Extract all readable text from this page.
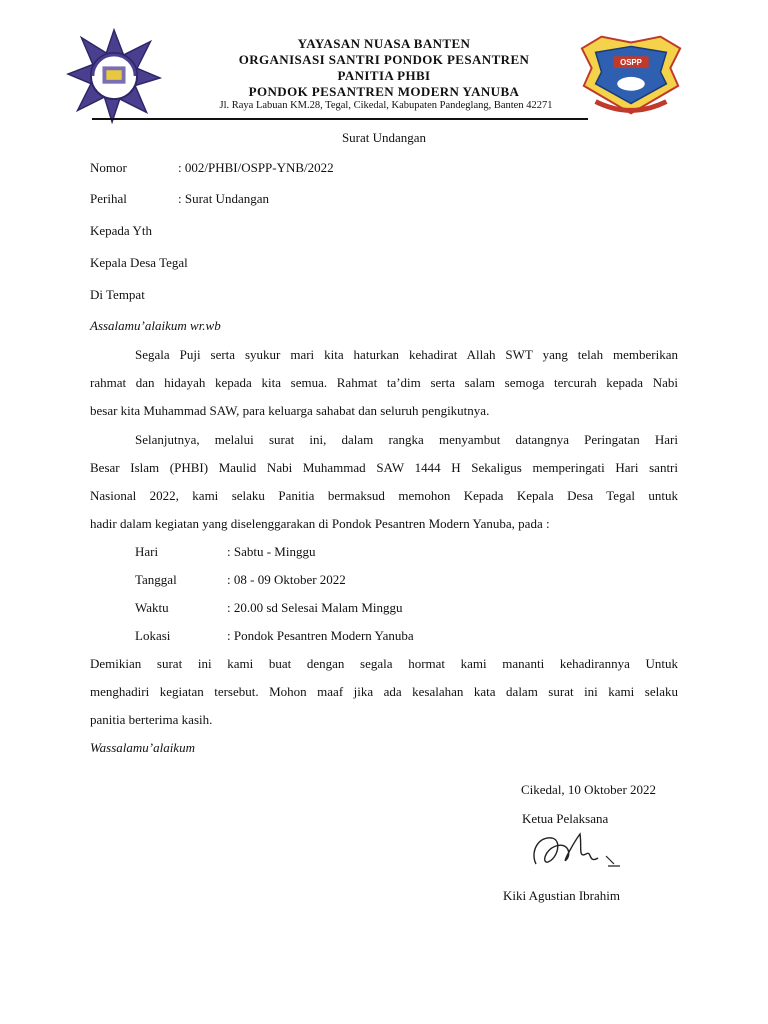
YAYASAN NUASA BANTEN
ORGANISASI SANTRI PONDOK PESANTREN
PANITIA PHBI
PONDOK PESANTREN MODERN YANUBA
Jl. Raya Labuan KM.28, Tegal, Cikedal, Kabupaten Pandeglang, Banten 42271
OSPP
Surat Undangan
Nomor	: 002/PHBI/OSPP-YNB/2022
Perihal	: Surat Undangan
Kepada Yth
Kepala Desa Tegal
Di Tempat
Assalamu’alaikum wr.wb
Segala Puji serta syukur mari kita haturkan kehadirat Allah SWT yang telah memberikan
rahmat dan hidayah kepada kita semua. Rahmat ta’dim serta salam semoga tercurah kepada Nabi
besar kita Muhammad SAW, para keluarga sahabat dan seluruh pengikutnya.
Selanjutnya, melalui surat ini, dalam rangka menyambut datangnya Peringatan Hari
Besar Islam (PHBI) Maulid Nabi Muhammad SAW 1444 H Sekaligus memperingati Hari santri
Nasional 2022, kami selaku Panitia bermaksud memohon Kepada Kepala Desa Tegal untuk
hadir dalam kegiatan yang diselenggarakan di Pondok Pesantren Modern Yanuba, pada :
Hari	: Sabtu - Minggu
Tanggal	: 08 - 09 Oktober 2022
Waktu	: 20.00 sd Selesai Malam Minggu
Lokasi	: Pondok Pesantren Modern Yanuba
Demikian surat ini kami buat dengan segala hormat kami mananti kehadirannya Untuk
menghadiri kegiatan tersebut. Mohon maaf jika ada kesalahan kata dalam surat ini kami selaku
panitia berterima kasih.
Wassalamu’alaikum
Cikedal, 10 Oktober 2022
Ketua Pelaksana
Kiki Agustian Ibrahim
